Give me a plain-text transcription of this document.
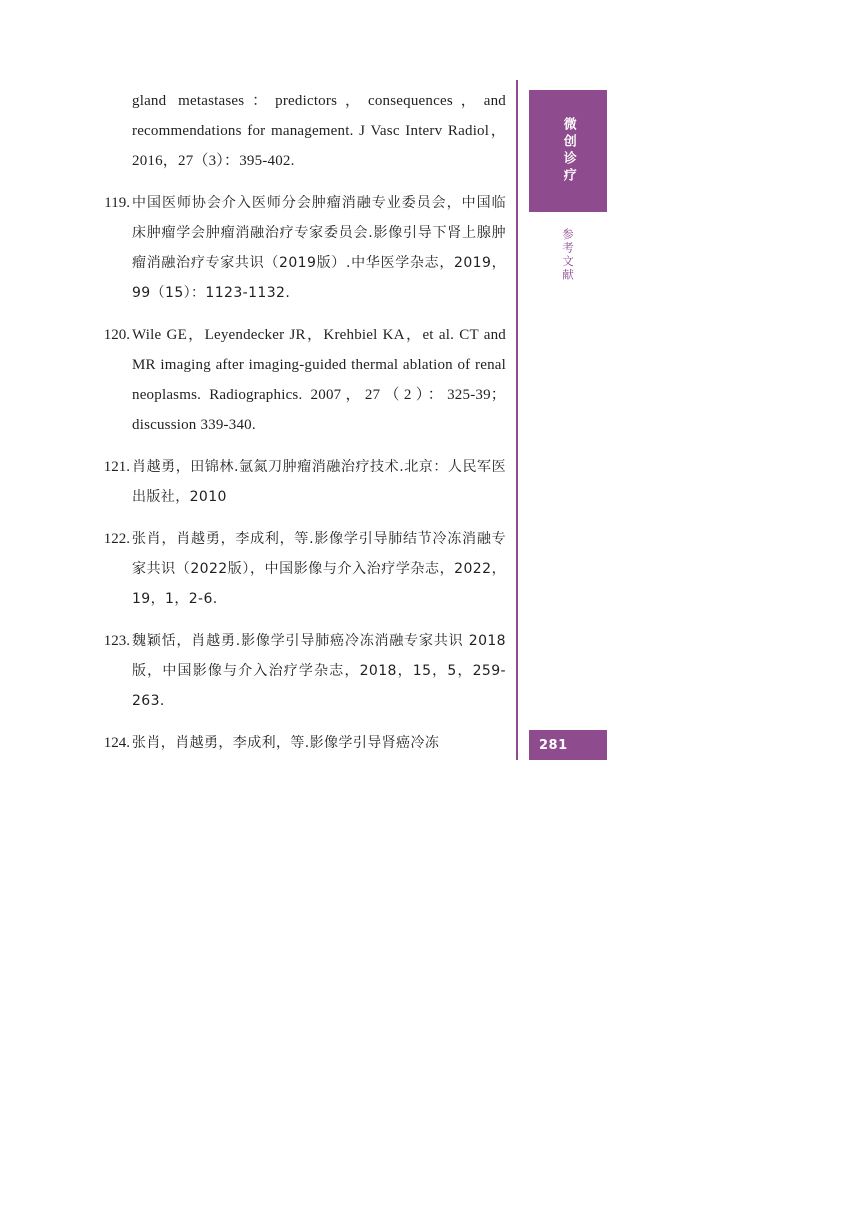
微创诊疗
参考文献
281
gland metastases：predictors，consequences，and recommendations for management. J Vasc Interv Radiol，2016，27（3）：395-402.
119. 中国医师协会介入医师分会肿瘤消融专业委员会，中国临床肿瘤学会肿瘤消融治疗专家委员会.影像引导下肾上腺肿瘤消融治疗专家共识（2019版）.中华医学杂志，2019，99（15）：1123-1132.
120. Wile GE，Leyendecker JR，Krehbiel KA，et al. CT and MR imaging after imaging-guided thermal ablation of renal neoplasms. Radiographics. 2007，27（2）：325-39；discussion 339-340.
121. 肖越勇，田锦林.氩氮刀肿瘤消融治疗技术.北京：人民军医出版社，2010
122. 张肖，肖越勇，李成利，等.影像学引导肺结节冷冻消融专家共识（2022版），中国影像与介入治疗学杂志，2022，19，1，2-6.
123. 魏颖恬，肖越勇.影像学引导肺癌冷冻消融专家共识 2018 版，中国影像与介入治疗学杂志，2018，15，5，259-263.
124. 张肖，肖越勇，李成利，等.影像学引导肾癌冷冻
